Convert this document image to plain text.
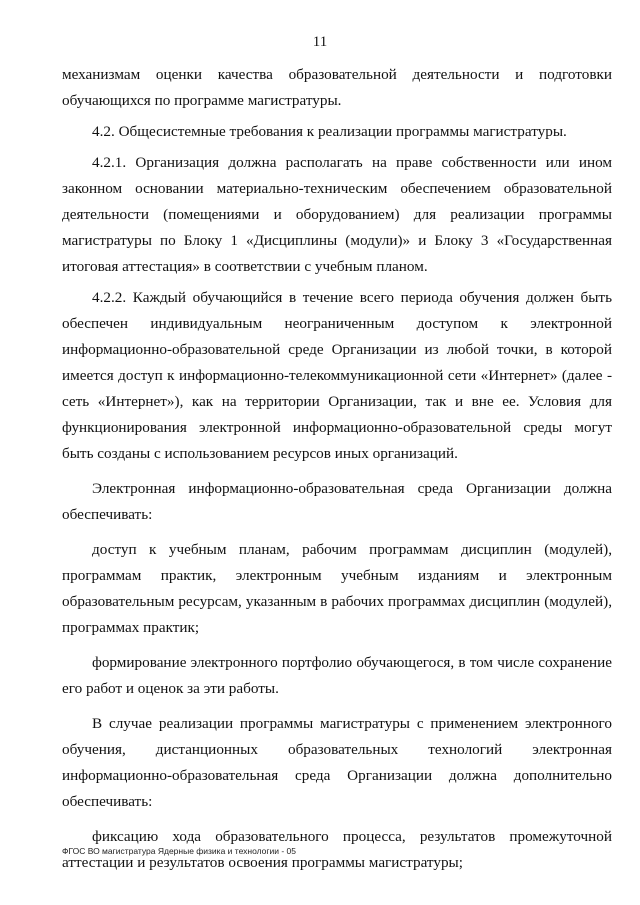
11

механизмам оценки качества образовательной деятельности и подготовки обучающихся по программе магистратуры.

4.2. Общесистемные требования к реализации программы магистратуры.

4.2.1. Организация должна располагать на праве собственности или ином законном основании материально-техническим обеспечением образовательной деятельности (помещениями и оборудованием) для реализации программы магистратуры по Блоку 1 «Дисциплины (модули)» и Блоку 3 «Государственная итоговая аттестация» в соответствии с учебным планом.

4.2.2. Каждый обучающийся в течение всего периода обучения должен быть обеспечен индивидуальным неограниченным доступом к электронной информационно-образовательной среде Организации из любой точки, в которой имеется доступ к информационно-телекоммуникационной сети «Интернет» (далее - сеть «Интернет»), как на территории Организации, так и вне ее. Условия для функционирования электронной информационно-образовательной среды могут быть созданы с использованием ресурсов иных организаций.

Электронная информационно-образовательная среда Организации должна обеспечивать:

доступ к учебным планам, рабочим программам дисциплин (модулей), программам практик, электронным учебным изданиям и электронным образовательным ресурсам, указанным в рабочих программах дисциплин (модулей), программах практик;

формирование электронного портфолио обучающегося, в том числе сохранение его работ и оценок за эти работы.

В случае реализации программы магистратуры с применением электронного обучения, дистанционных образовательных технологий электронная информационно-образовательная среда Организации должна дополнительно обеспечивать:

фиксацию хода образовательного процесса, результатов промежуточной аттестации и результатов освоения программы магистратуры;

ФГОС ВО магистратура Ядерные физика и технологии - 05
